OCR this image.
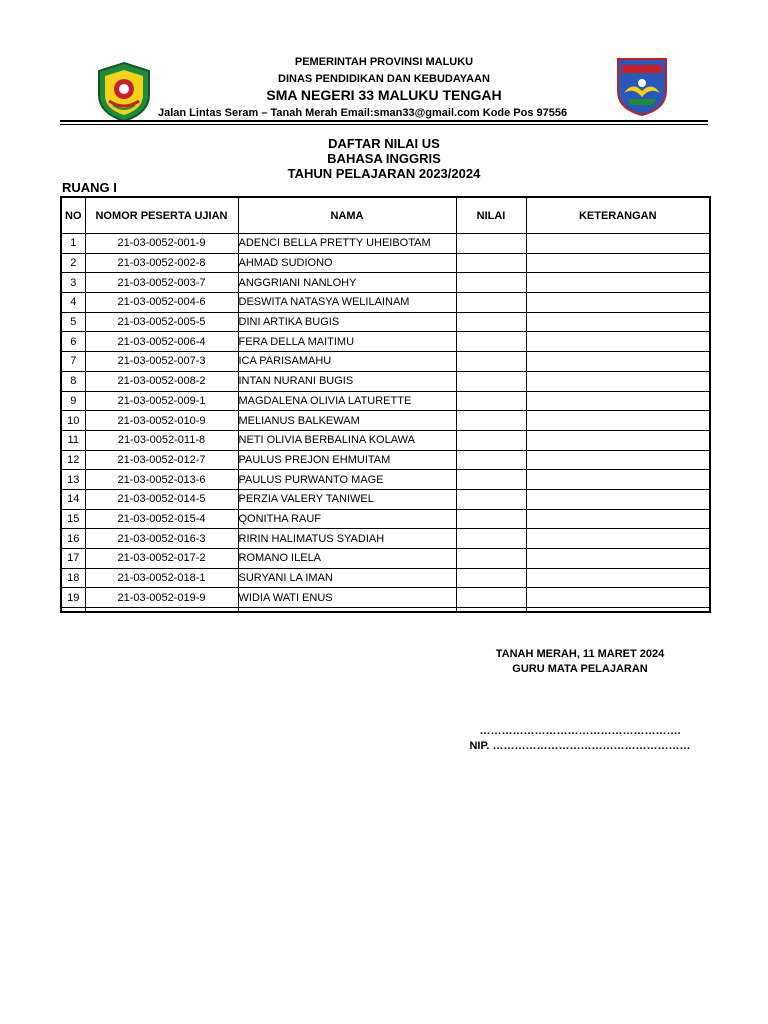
PEMERINTAH PROVINSI MALUKU
DINAS PENDIDIKAN DAN KEBUDAYAAN
SMA NEGERI 33 MALUKU TENGAH
Jalan Lintas Seram – Tanah Merah Email:sman33@gmail.com Kode Pos 97556
DAFTAR NILAI US
BAHASA INGGRIS
TAHUN PELAJARAN 2023/2024
RUANG I
NO	NOMOR PESERTA UJIAN	NAMA	NILAI	KETERANGAN
1	21-03-0052-001-9	ADENCI BELLA PRETTY UHEIBOTAM		
2	21-03-0052-002-8	AHMAD SUDIONO		
3	21-03-0052-003-7	ANGGRIANI NANLOHY		
4	21-03-0052-004-6	DESWITA NATASYA WELILAINAM		
5	21-03-0052-005-5	DINI ARTIKA BUGIS		
6	21-03-0052-006-4	FERA DELLA MAITIMU		
7	21-03-0052-007-3	ICA PARISAMAHU		
8	21-03-0052-008-2	INTAN NURANI BUGIS		
9	21-03-0052-009-1	MAGDALENA OLIVIA LATURETTE		
10	21-03-0052-010-9	MELIANUS BALKEWAM		
11	21-03-0052-011-8	NETI OLIVIA BERBALINA KOLAWA		
12	21-03-0052-012-7	PAULUS PREJON EHMUITAM		
13	21-03-0052-013-6	PAULUS PURWANTO MAGE		
14	21-03-0052-014-5	PERZIA VALERY TANIWEL		
15	21-03-0052-015-4	QONITHA RAUF		
16	21-03-0052-016-3	RIRIN HALIMATUS SYADIAH		
17	21-03-0052-017-2	ROMANO ILELA		
18	21-03-0052-018-1	SURYANI LA IMAN		
19	21-03-0052-019-9	WIDIA WATI ENUS		

TANAH MERAH, 11 MARET 2024
GURU MATA PELAJARAN
……………………………………………….
NIP. ………………………………………………
